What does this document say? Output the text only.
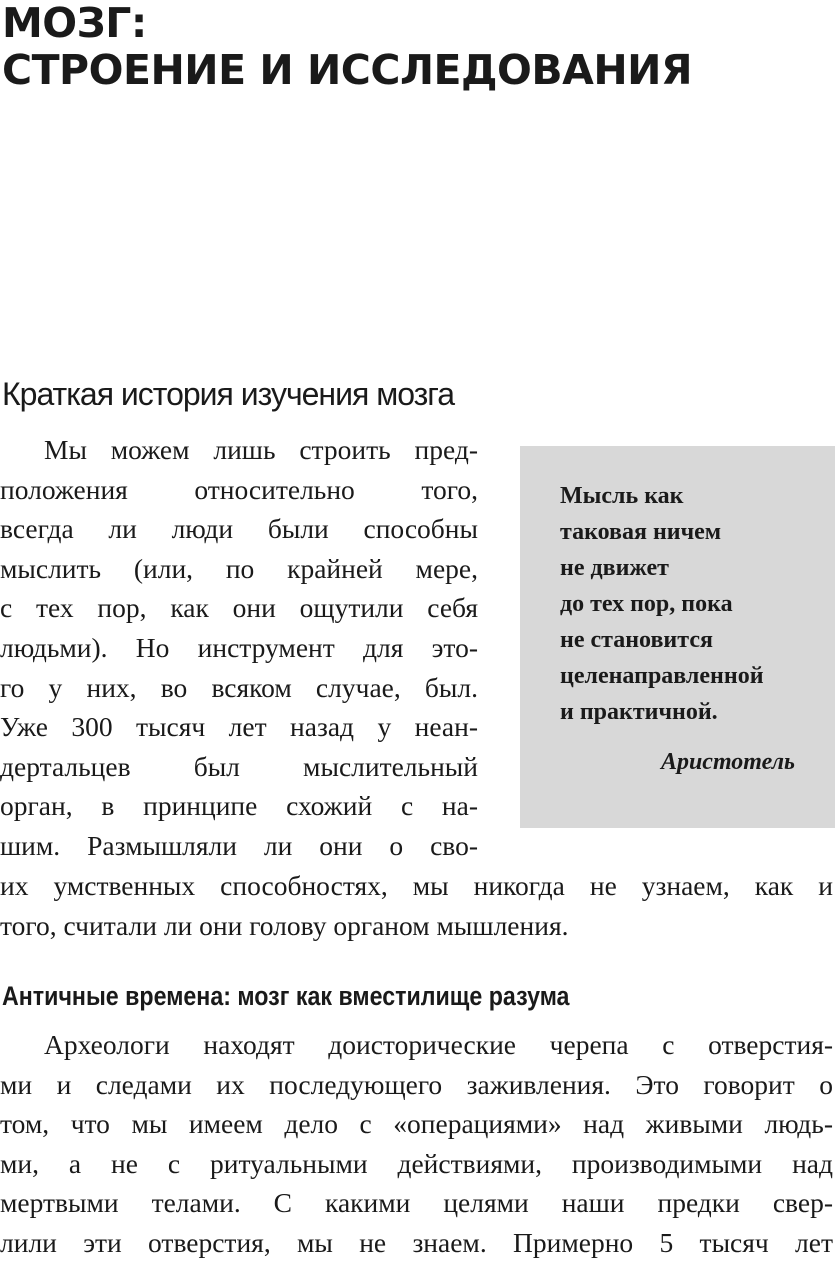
МОЗГ:
СТРОЕНИЕ И ИССЛЕДОВАНИЯ
Краткая история изучения мозга
Мы можем лишь строить пред-
положения относительно того,
всегда ли люди были способны
мыслить (или, по крайней мере,
с тех пор, как они ощутили себя
людьми). Но инструмент для это-
го у них, во всяком случае, был.
Уже 300 тысяч лет назад у неан-
дертальцев был мыслительный
орган, в принципе схожий с на-
шим. Размышляли ли они о сво-

Мысль как
таковая ничем
не движет
до тех пор, пока
не становится
целенаправленной
и практичной.

Аристотель

их умственных способностях, мы никогда не узнаем, как и
того, считали ли они голову органом мышления.
Античные времена: мозг как вместилище разума
Археологи находят доисторические черепа с отверстия-
ми и следами их последующего заживления. Это говорит о
том, что мы имеем дело с «операциями» над живыми людь-
ми, а не с ритуальными действиями, производимыми над
мертвыми телами. С какими целями наши предки свер-
лили эти отверстия, мы не знаем. Примерно 5 тысяч лет
